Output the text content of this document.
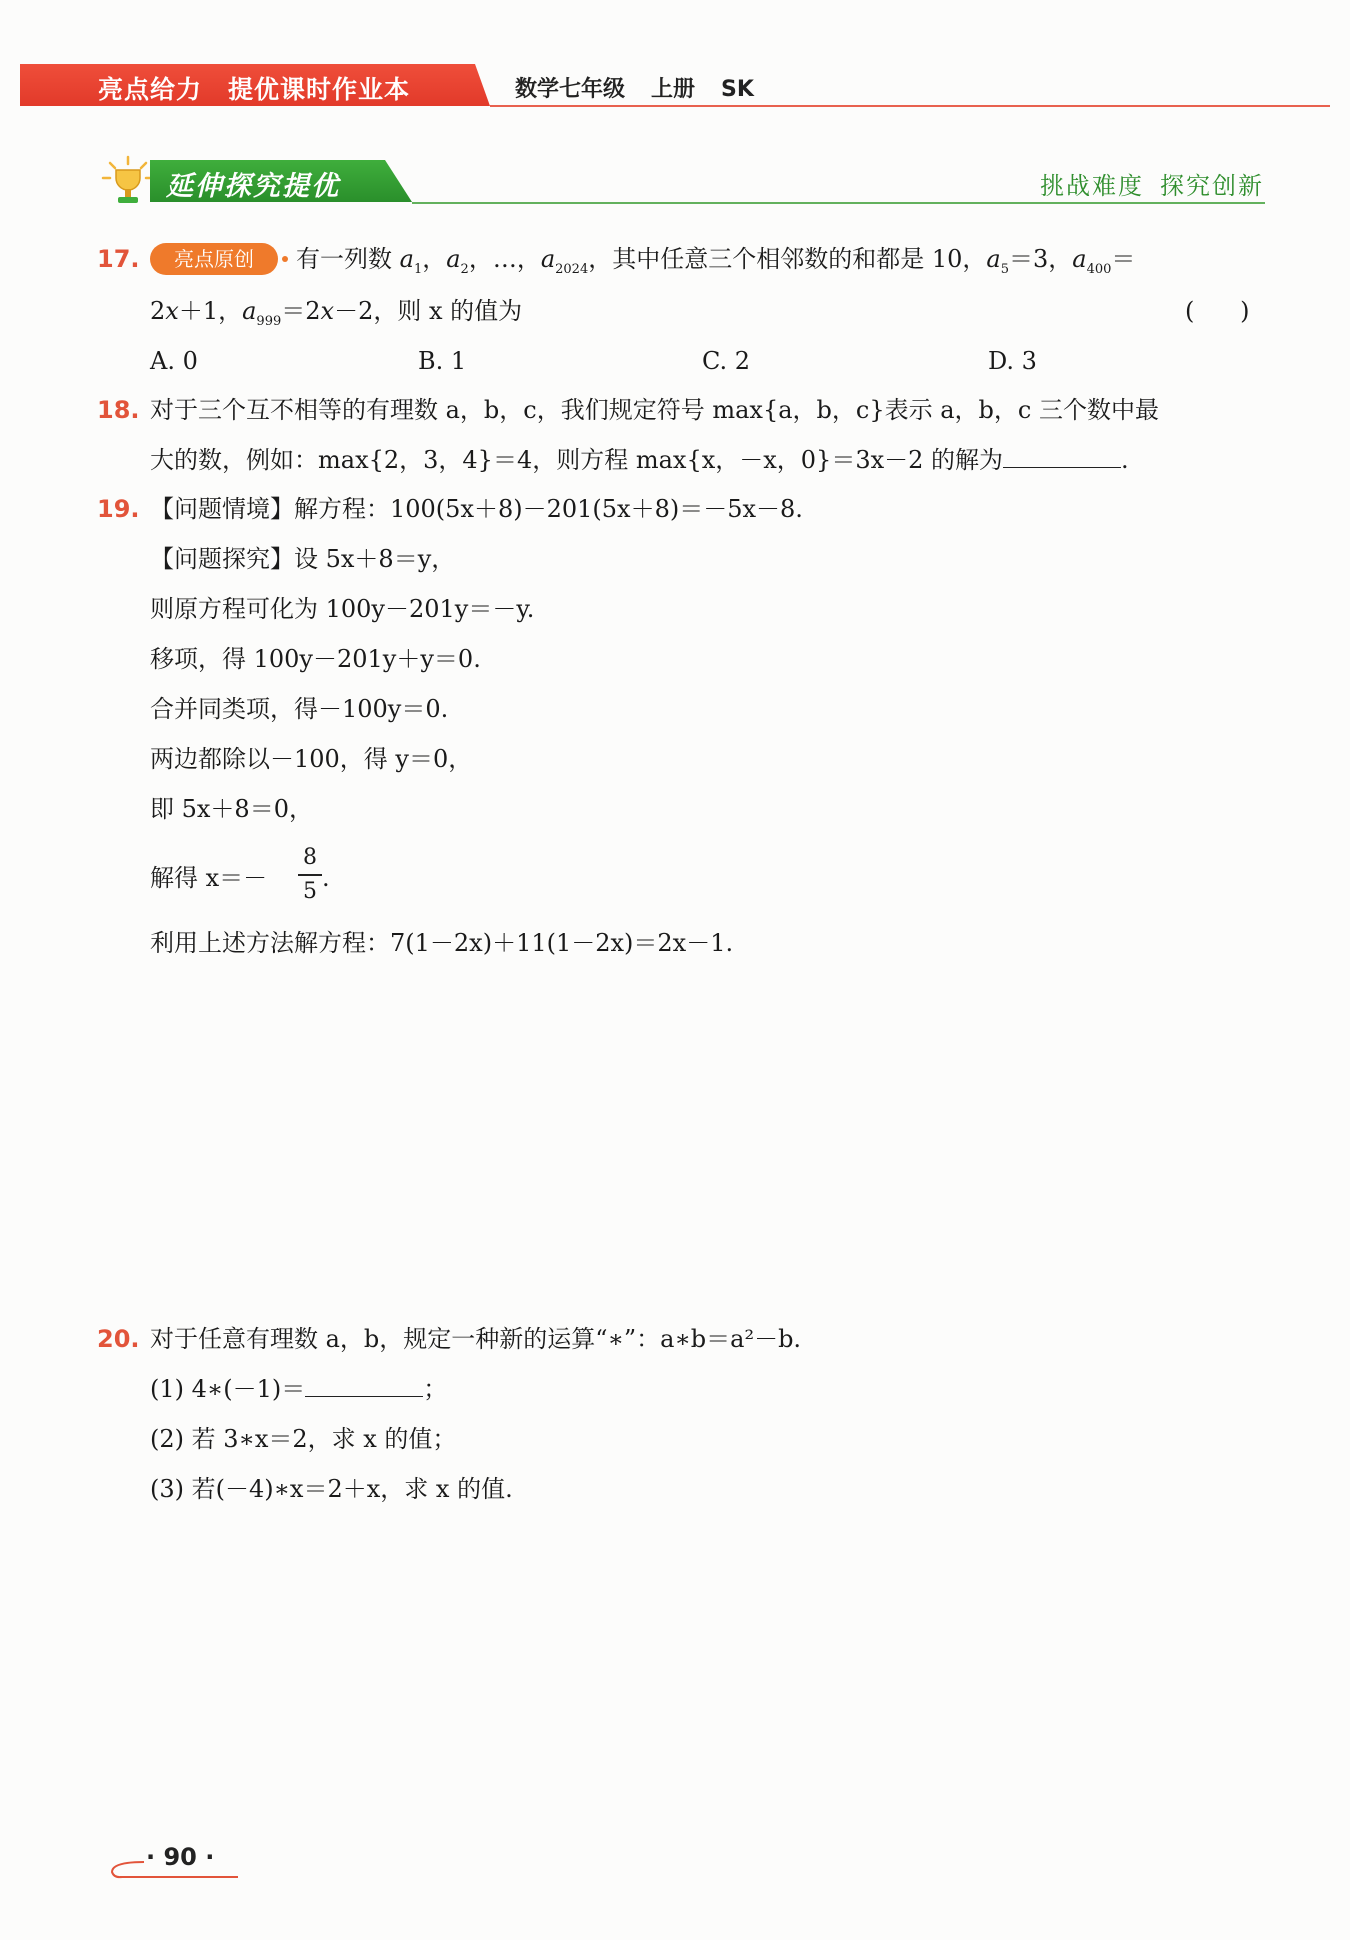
亮点给力 提优课时作业本	数学七年级 上册 SK
延伸探究提优	挑战难度 探究创新
17.	亮点原创	有一列数 $a_1$，$a_2$，…，$a_{2024}$，其中任意三个相邻数的和都是 10，$a_5=3$，$a_{400}=$
2x＋1，$a_{999}=2x-2$，则 x 的值为	(      )
A. 0	B. 1	C. 2	D. 3
18. 对于三个互不相等的有理数 a，b，c，我们规定符号 max{a，b，c}表示 a，b，c 三个数中最
大的数，例如：max{2，3，4}＝4，则方程 max{x，－x，0}＝3x－2 的解为	.
19. 【问题情境】解方程：100(5x＋8)－201(5x＋8)＝－5x－8.
【问题探究】设 5x＋8＝y，
则原方程可化为 100y－201y＝－y.
移项，得 100y－201y＋y＝0.
合并同类项，得－100y＝0.
两边都除以－100，得 y＝0，
即 5x＋8＝0，
解得 x＝－
8
5 .
利用上述方法解方程：7(1－2x)＋11(1－2x)＝2x－1.
20. 对于任意有理数 a，b，规定一种新的运算“∗”：a∗b＝a²－b.
(1) 4∗(－1)＝	；
(2) 若 3∗x＝2，求 x 的值；
(3) 若(－4)∗x＝2＋x，求 x 的值.
· 90 ·
